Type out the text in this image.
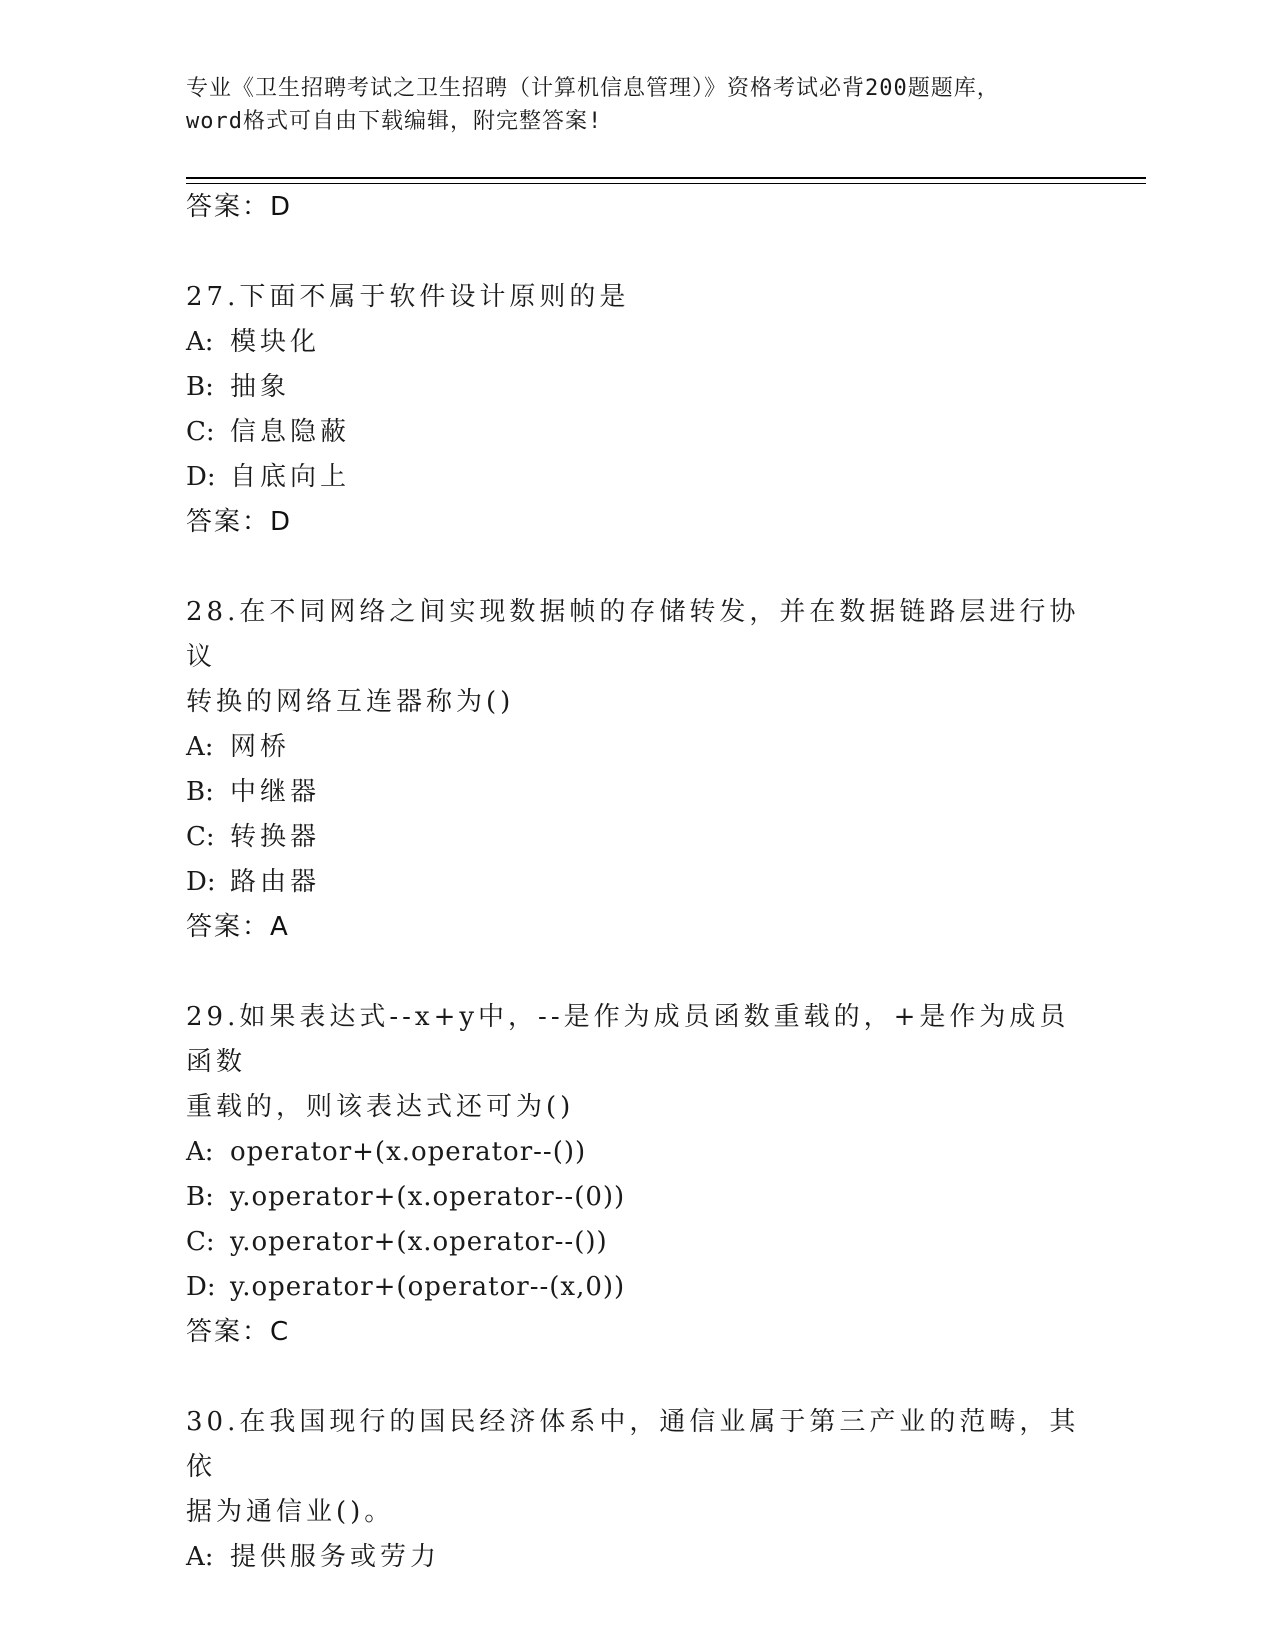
专业《卫生招聘考试之卫生招聘（计算机信息管理）》资格考试必背200题题库，
word格式可自由下载编辑，附完整答案!
答案：D
27.下面不属于软件设计原则的是
A: 模块化
B: 抽象
C: 信息隐蔽
D: 自底向上
答案：D
28.在不同网络之间实现数据帧的存储转发，并在数据链路层进行协议
转换的网络互连器称为()
A: 网桥
B: 中继器
C: 转换器
D: 路由器
答案：A
29.如果表达式--x+y中，--是作为成员函数重载的，+是作为成员函数
重载的，则该表达式还可为()
A: operator+(x.operator--())
B: y.operator+(x.operator--(0))
C: y.operator+(x.operator--())
D: y.operator+(operator--(x,0))
答案：C
30.在我国现行的国民经济体系中，通信业属于第三产业的范畴，其依
据为通信业()。
A: 提供服务或劳力
